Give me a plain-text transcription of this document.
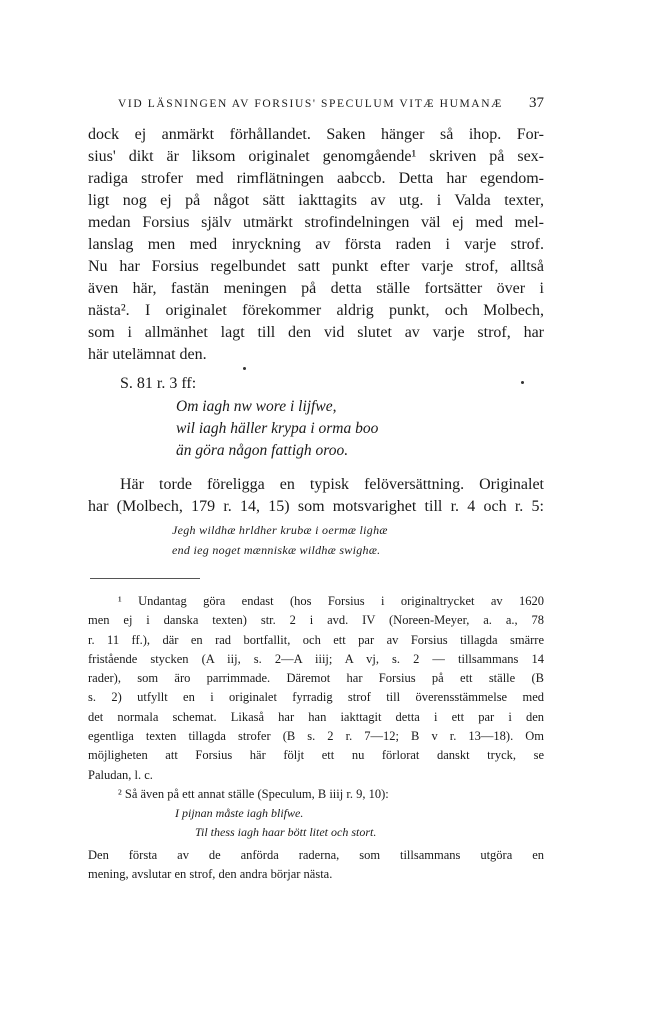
VID LÄSNINGEN AV FORSIUS' SPECULUM VITÆ HUMANÆ 37
dock ej anmärkt förhållandet. Saken hänger så ihop. For-
sius' dikt är liksom originalet genomgående¹ skriven på sex-
radiga strofer med rimflätningen aabccb. Detta har egendom-
ligt nog ej på något sätt iakttagits av utg. i Valda texter,
medan Forsius själv utmärkt strofindelningen väl ej med mel-
lanslag men med inryckning av första raden i varje strof.
Nu har Forsius regelbundet satt punkt efter varje strof, alltså
även här, fastän meningen på detta ställe fortsätter över i
nästa². I originalet förekommer aldrig punkt, och Molbech,
som i allmänhet lagt till den vid slutet av varje strof, har
här utelämnat den.
S. 81 r. 3 ff:
Om iagh nw wore i lijfwe,
wil iagh häller krypa i orma boo
än göra någon fattigh oroo.
Här torde föreligga en typisk felöversättning. Originalet
har (Molbech, 179 r. 14, 15) som motsvarighet till r. 4 och r. 5:
Jegh wildhæ hrldher krubæ i oermæ lighæ
end ieg noget mænniskæ wildhæ swighæ.
¹ Undantag göra endast (hos Forsius i originaltrycket av 1620
men ej i danska texten) str. 2 i avd. IV (Noreen-Meyer, a. a., 78
r. 11 ff.), där en rad bortfallit, och ett par av Forsius tillagda smärre
friståendе stycken (A iij, s. 2—A iiij; A vj, s. 2 — tillsammans 14
rader), som äro parrimmade. Däremot har Forsius på ett ställe (B
s. 2) utfyllt en i originalet fyrradig strof till överensstämmelse med
det normala schemat. Likaså har han iakttagit detta i ett par i den
egentliga texten tillagda strofer (B s. 2 r. 7—12; B v r. 13—18). Om
möjligheten att Forsius här följt ett nu förlorat danskt tryck, se
Paludan, l. c.
² Så även på ett annat ställe (Speculum, B iiij r. 9, 10):
I pijnan måste iagh blifwe.
Til thess iagh haar bött litet och stort.
Den första av de anförda raderna, som tillsammans utgöra en
mening, avslutar en strof, den andra börjar nästa.
